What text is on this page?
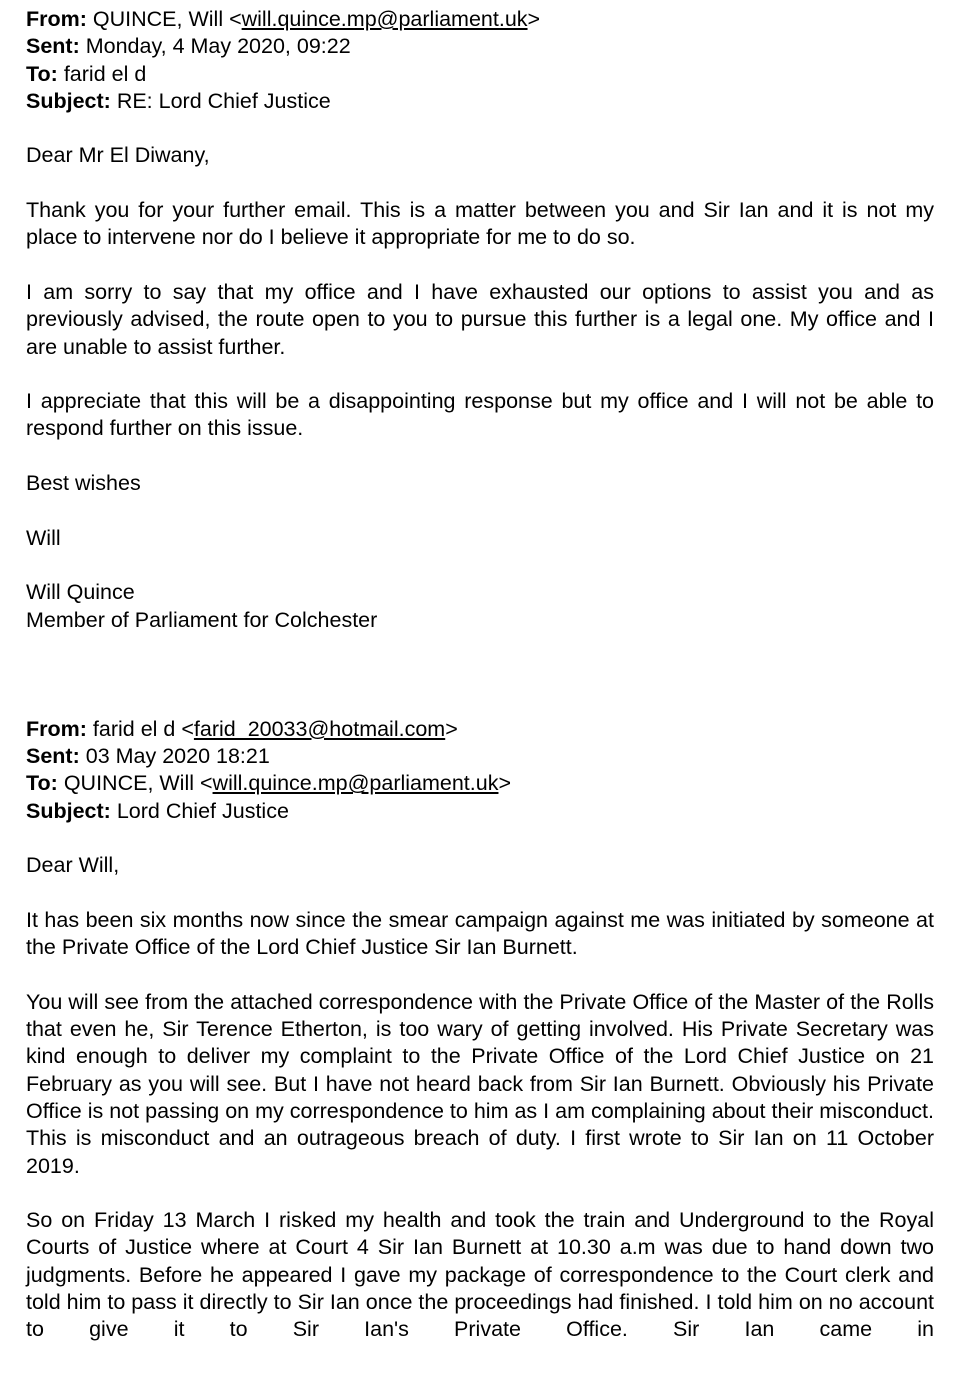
From: QUINCE, Will <will.quince.mp@parliament.uk>
Sent: Monday, 4 May 2020, 09:22
To: farid el d
Subject: RE: Lord Chief Justice

Dear Mr El Diwany,

Thank you for your further email. This is a matter between you and Sir Ian and it is not my place to intervene nor do I believe it appropriate for me to do so.

I am sorry to say that my office and I have exhausted our options to assist you and as previously advised, the route open to you to pursue this further is a legal one. My office and I are unable to assist further.

I appreciate that this will be a disappointing response but my office and I will not be able to respond further on this issue.

Best wishes

Will

Will Quince

Member of Parliament for Colchester

From: farid el d <farid_20033@hotmail.com>
Sent: 03 May 2020 18:21
To: QUINCE, Will <will.quince.mp@parliament.uk>
Subject: Lord Chief Justice

Dear Will,

It has been six months now since the smear campaign against me was initiated by someone at the Private Office of the Lord Chief Justice Sir Ian Burnett.

You will see from the attached correspondence with the Private Office of the Master of the Rolls that even he, Sir Terence Etherton, is too wary of getting involved. His Private Secretary was kind enough to deliver my complaint to the Private Office of the Lord Chief Justice on 21 February as you will see. But I have not heard back from Sir Ian Burnett. Obviously his Private Office is not passing on my correspondence to him as I am complaining about their misconduct. This is misconduct and an outrageous breach of duty. I first wrote to Sir Ian on 11 October 2019.

So on Friday 13 March I risked my health and took the train and Underground to the Royal Courts of Justice where at Court 4 Sir Ian Burnett at 10.30 a.m was due to hand down two judgments. Before he appeared I gave my package of correspondence to the Court clerk and told him to pass it directly to Sir Ian once the proceedings had finished. I told him on no account to give it to Sir Ian's Private Office. Sir Ian came in
